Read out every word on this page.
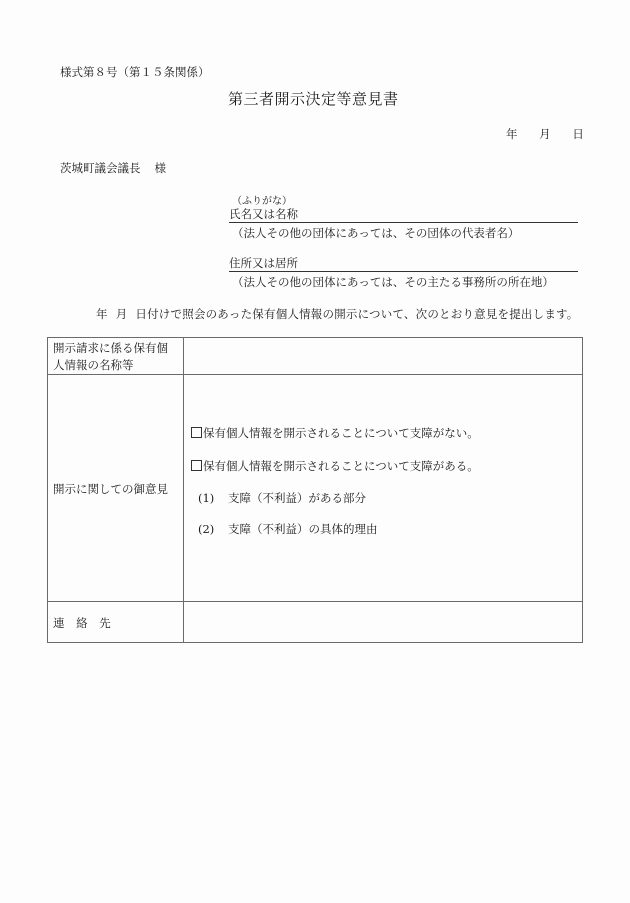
様式第８号（第１５条関係）
第三者開示決定等意見書
年 月 日
茨城町議会議長 様
（ふりがな）
氏名又は名称
（法人その他の団体にあっては、その団体の代表者名）
住所又は居所
（法人その他の団体にあっては、その主たる事務所の所在地）
年 月 日付けで照会のあった保有個人情報の開示について、次のとおり意見を提出します。
開示請求に係る保有個人情報の名称等	
開示に関しての御意見	保有個人情報を開示されることについて支障がない。
保有個人情報を開示されることについて支障がある。
(1) 支障（不利益）がある部分
(2) 支障（不利益）の具体的理由

連 絡 先	
